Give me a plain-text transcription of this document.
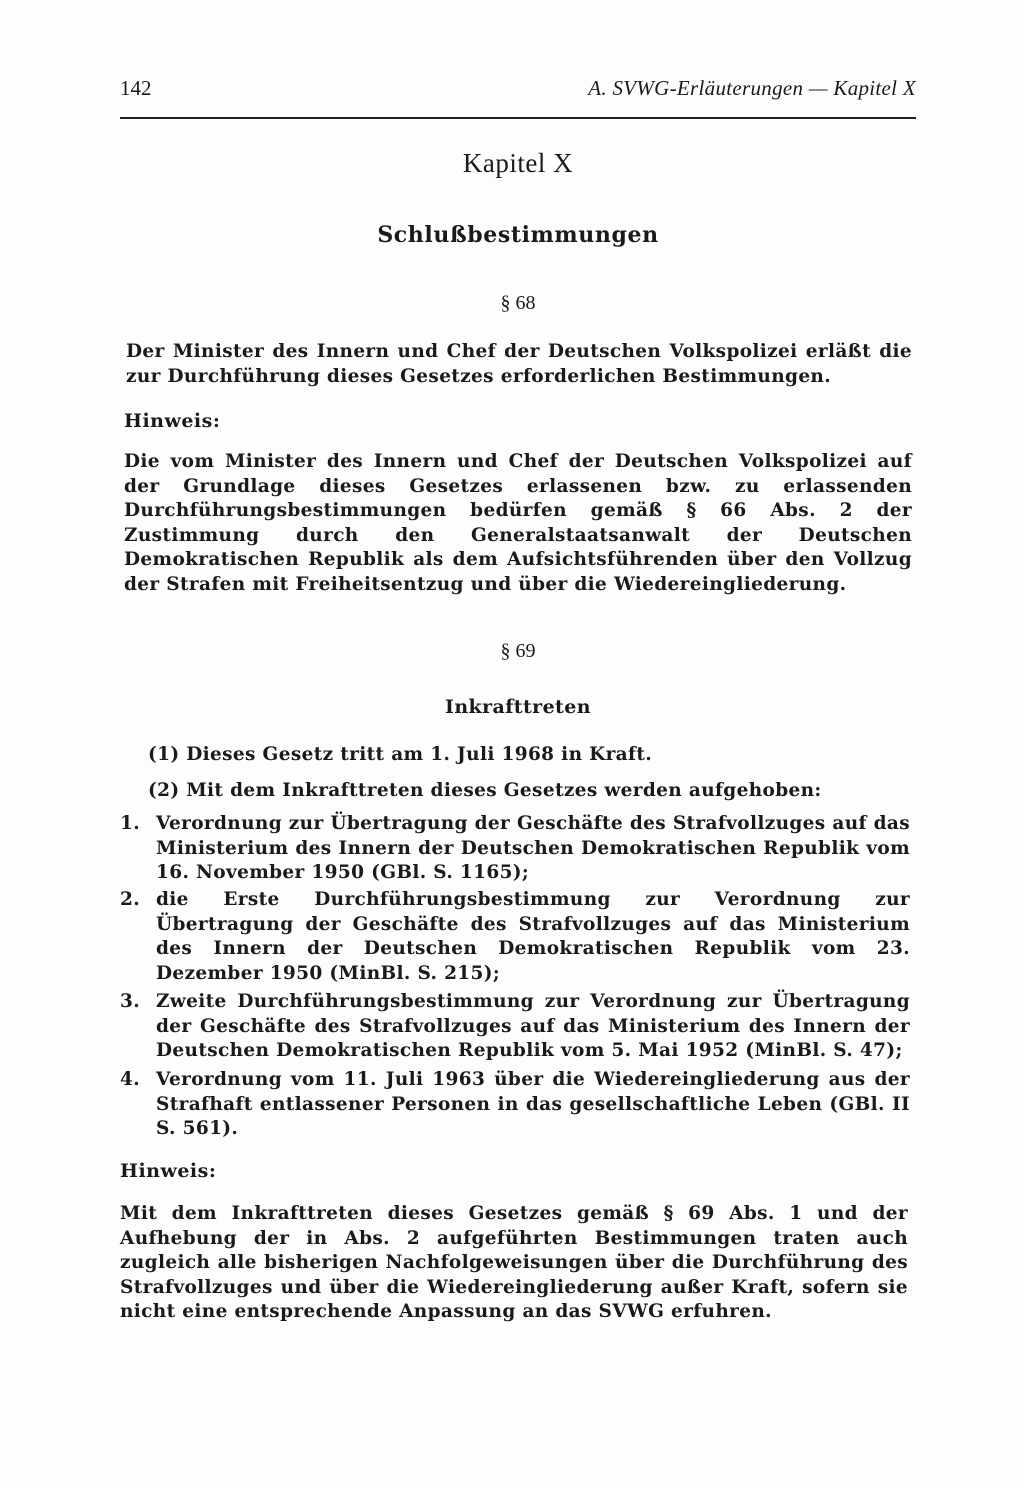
142	A. SVWG-Erläuterungen — Kapitel X
Kapitel X
Schlußbestimmungen
§ 68
Der Minister des Innern und Chef der Deutschen Volkspolizei erläßt die zur Durchführung dieses Gesetzes erforderlichen Bestimmungen.
Hinweis:
Die vom Minister des Innern und Chef der Deutschen Volkspolizei auf der Grundlage dieses Gesetzes erlassenen bzw. zu erlassenden Durchführungsbestimmungen bedürfen gemäß § 66 Abs. 2 der Zustimmung durch den Generalstaatsanwalt der Deutschen Demokratischen Republik als dem Aufsichtsführenden über den Vollzug der Strafen mit Freiheitsentzug und über die Wiedereingliederung.
§ 69
Inkrafttreten
(1) Dieses Gesetz tritt am 1. Juli 1968 in Kraft.
(2) Mit dem Inkrafttreten dieses Gesetzes werden aufgehoben:
1. Verordnung zur Übertragung der Geschäfte des Strafvollzuges auf das Ministerium des Innern der Deutschen Demokratischen Republik vom 16. November 1950 (GBl. S. 1165);
2. die Erste Durchführungsbestimmung zur Verordnung zur Übertragung der Geschäfte des Strafvollzuges auf das Ministerium des Innern der Deutschen Demokratischen Republik vom 23. Dezember 1950 (MinBl. S. 215);
3. Zweite Durchführungsbestimmung zur Verordnung zur Übertragung der Geschäfte des Strafvollzuges auf das Ministerium des Innern der Deutschen Demokratischen Republik vom 5. Mai 1952 (MinBl. S. 47);
4. Verordnung vom 11. Juli 1963 über die Wiedereingliederung aus der Strafhaft entlassener Personen in das gesellschaftliche Leben (GBl. II S. 561).
Hinweis:
Mit dem Inkrafttreten dieses Gesetzes gemäß § 69 Abs. 1 und der Aufhebung der in Abs. 2 aufgeführten Bestimmungen traten auch zugleich alle bisherigen Nachfolgeweisungen über die Durchführung des Strafvollzuges und über die Wiedereingliederung außer Kraft, sofern sie nicht eine entsprechende Anpassung an das SVWG erfuhren.
